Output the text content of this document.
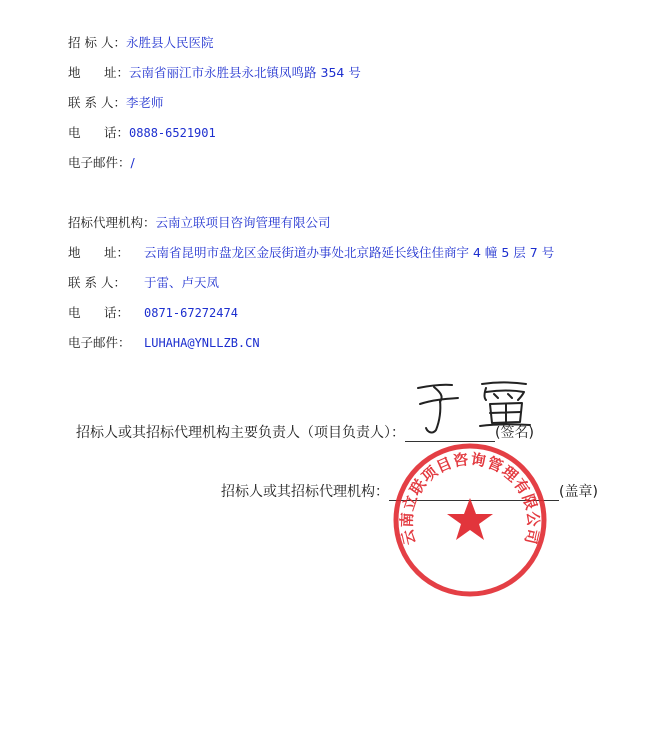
招 标 人：永胜县人民医院
地 址：云南省丽江市永胜县永北镇凤鸣路 354 号
联 系 人：李老师
电 话：0888-6521901
电子邮件：/
招标代理机构：云南立联项目咨询管理有限公司
地 址： 云南省昆明市盘龙区金辰街道办事处北京路延长线住佳商宇 4 幢 5 层 7 号
联 系 人： 于雷、卢天凤
电 话： 0871-67272474
电子邮件： LUHAHA@YNLLZB.CN
招标人或其招标代理机构主要负责人（项目负责人）：	(签名)
招标人或其招标代理机构：	(盖章)
云南立联项目咨询管理有限公司
